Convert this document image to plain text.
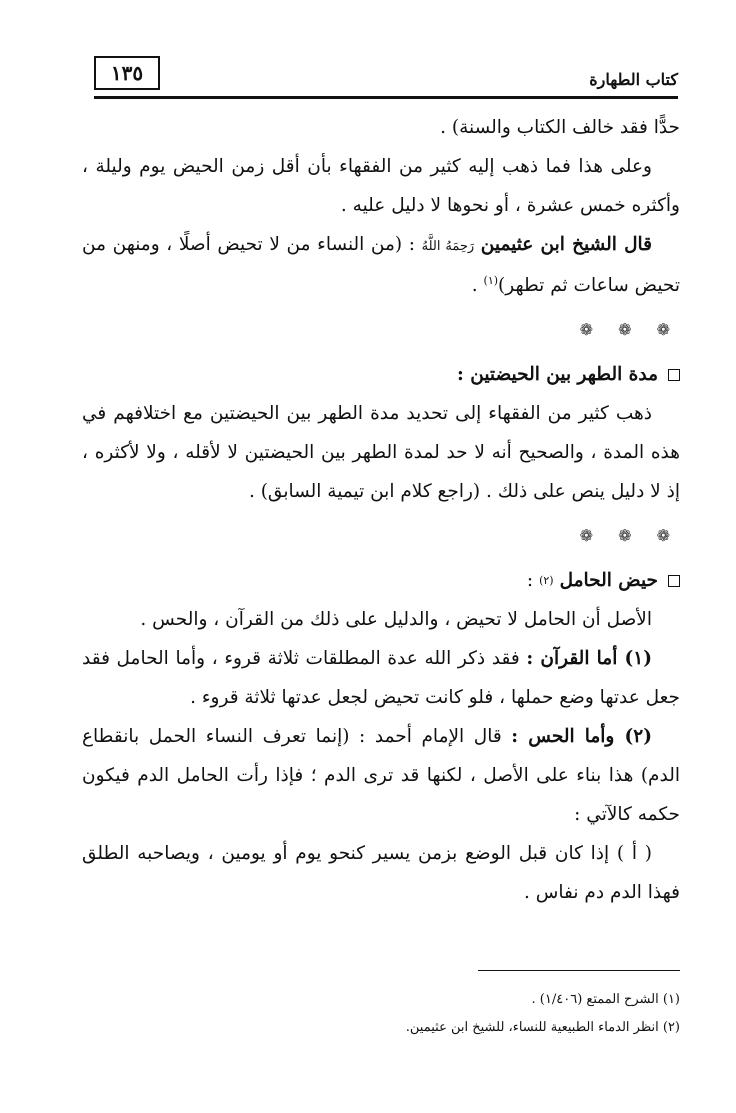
١٣٥	كتاب الطهارة

حدًّا فقد خالف الكتاب والسنة) .

وعلى هذا فما ذهب إليه كثير من الفقهاء بأن أقل زمن الحيض يوم وليلة ، وأكثره خمس عشرة ، أو نحوها لا دليل عليه .

قال الشيخ ابن عثيمين رَحِمَهُ اللَّهُ : (من النساء من لا تحيض أصلًا ، ومنهن من تحيض ساعات ثم تطهر)$^{(١)}$ .

❁ ❁ ❁

مدة الطهر بين الحيضتين :

ذهب كثير من الفقهاء إلى تحديد مدة الطهر بين الحيضتين مع اختلافهم في هذه المدة ، والصحيح أنه لا حد لمدة الطهر بين الحيضتين لا لأقله ، ولا لأكثره ، إذ لا دليل ينص على ذلك . (راجع كلام ابن تيمية السابق) .

❁ ❁ ❁

حيض الحامل
(٢)
:

الأصل أن الحامل لا تحيض ، والدليل على ذلك من القرآن ، والحس .

(١) أما القرآن : فقد ذكر الله عدة المطلقات ثلاثة قروء ، وأما الحامل فقد جعل عدتها وضع حملها ، فلو كانت تحيض لجعل عدتها ثلاثة قروء .

(٢) وأما الحس : قال الإمام أحمد : (إنما تعرف النساء الحمل بانقطاع الدم) هذا بناء على الأصل ، لكنها قد ترى الدم ؛ فإذا رأت الحامل الدم فيكون حكمه كالآتي :

( أ ) إذا كان قبل الوضع بزمن يسير كنحو يوم أو يومين ، ويصاحبه الطلق فهذا الدم دم نفاس .

(١) الشرح الممتع (١/٤٠٦) .

(٢) انظر الدماء الطبيعية للنساء، للشيخ ابن عثيمين.
